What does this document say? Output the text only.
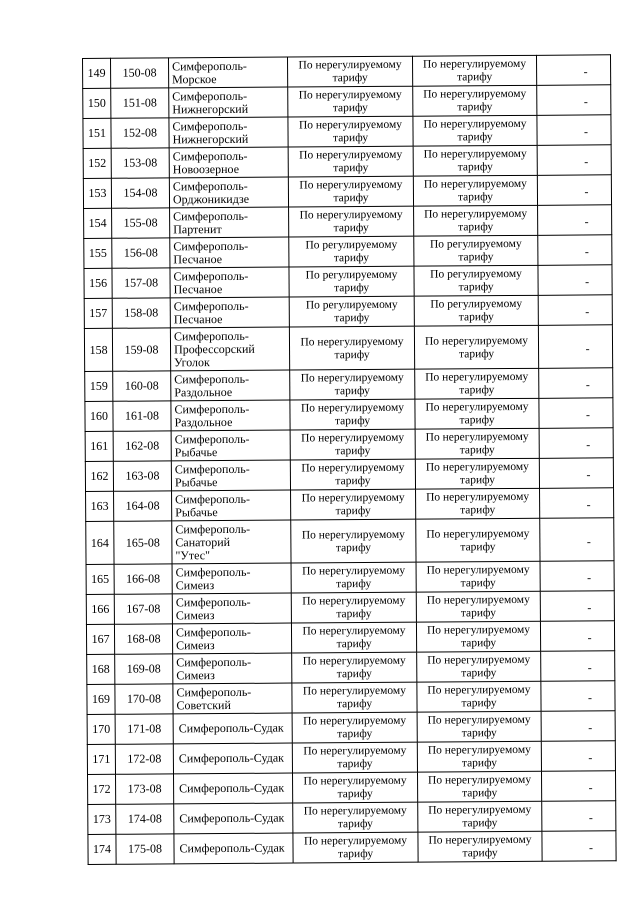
149	150-08	Симферополь-
Морское	По нерегулируемому
тарифу	По нерегулируемому
тарифу	-
150	151-08	Симферополь-
Нижнегорский	По нерегулируемому
тарифу	По нерегулируемому
тарифу	-
151	152-08	Симферополь-
Нижнегорский	По нерегулируемому
тарифу	По нерегулируемому
тарифу	-
152	153-08	Симферополь-
Новоозерное	По нерегулируемому
тарифу	По нерегулируемому
тарифу	-
153	154-08	Симферополь-
Орджоникидзе	По нерегулируемому
тарифу	По нерегулируемому
тарифу	-
154	155-08	Симферополь-
Партенит	По нерегулируемому
тарифу	По нерегулируемому
тарифу	-
155	156-08	Симферополь-
Песчаное	По регулируемому
тарифу	По регулируемому
тарифу	-
156	157-08	Симферополь-
Песчаное	По регулируемому
тарифу	По регулируемому
тарифу	-
157	158-08	Симферополь-
Песчаное	По регулируемому
тарифу	По регулируемому
тарифу	-
158	159-08	Симферополь-
Профессорский
Уголок	По нерегулируемому
тарифу	По нерегулируемому
тарифу	-
159	160-08	Симферополь-
Раздольное	По нерегулируемому
тарифу	По нерегулируемому
тарифу	-
160	161-08	Симферополь-
Раздольное	По нерегулируемому
тарифу	По нерегулируемому
тарифу	-
161	162-08	Симферополь-
Рыбачье	По нерегулируемому
тарифу	По нерегулируемому
тарифу	-
162	163-08	Симферополь-
Рыбачье	По нерегулируемому
тарифу	По нерегулируемому
тарифу	-
163	164-08	Симферополь-
Рыбачье	По нерегулируемому
тарифу	По нерегулируемому
тарифу	-
164	165-08	Симферополь-
Санаторий
"Утес"	По нерегулируемому
тарифу	По нерегулируемому
тарифу	-
165	166-08	Симферополь-
Симеиз	По нерегулируемому
тарифу	По нерегулируемому
тарифу	-
166	167-08	Симферополь-
Симеиз	По нерегулируемому
тарифу	По нерегулируемому
тарифу	-
167	168-08	Симферополь-
Симеиз	По нерегулируемому
тарифу	По нерегулируемому
тарифу	-
168	169-08	Симферополь-
Симеиз	По нерегулируемому
тарифу	По нерегулируемому
тарифу	-
169	170-08	Симферополь-
Советский	По нерегулируемому
тарифу	По нерегулируемому
тарифу	-
170	171-08	Симферополь-Судак	По нерегулируемому
тарифу	По нерегулируемому
тарифу	-
171	172-08	Симферополь-Судак	По нерегулируемому
тарифу	По нерегулируемому
тарифу	-
172	173-08	Симферополь-Судак	По нерегулируемому
тарифу	По нерегулируемому
тарифу	-
173	174-08	Симферополь-Судак	По нерегулируемому
тарифу	По нерегулируемому
тарифу	-
174	175-08	Симферополь-Судак	По нерегулируемому
тарифу	По нерегулируемому
тарифу	-
